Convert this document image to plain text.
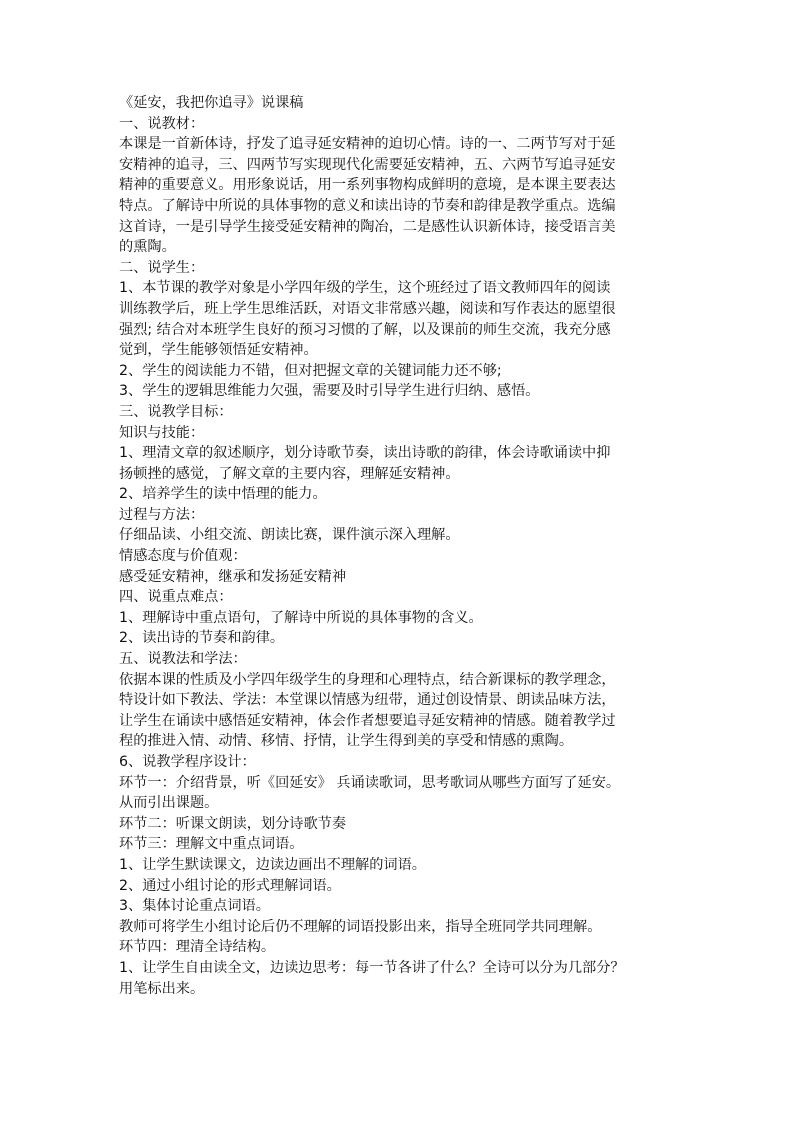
《延安，我把你追寻》说课稿

一、说教材：

本课是一首新体诗，抒发了追寻延安精神的迫切心情。诗的一、二两节写对于延

安精神的追寻，三、四两节写实现现代化需要延安精神，五、六两节写追寻延安

精神的重要意义。用形象说话，用一系列事物构成鲜明的意境，是本课主要表达

特点。了解诗中所说的具体事物的意义和读出诗的节奏和韵律是教学重点。选编

这首诗，一是引导学生接受延安精神的陶冶，二是感性认识新体诗，接受语言美

的熏陶。

二、说学生：

1、本节课的教学对象是小学四年级的学生，这个班经过了语文教师四年的阅读

训练教学后，班上学生思维活跃，对语文非常感兴趣，阅读和写作表达的愿望很

强烈; 结合对本班学生良好的预习习惯的了解，以及课前的师生交流，我充分感

觉到，学生能够领悟延安精神。

2、学生的阅读能力不错，但对把握文章的关键词能力还不够;

3、学生的逻辑思维能力欠强，需要及时引导学生进行归纳、感悟。

三、说教学目标：

知识与技能：

1、理清文章的叙述顺序，划分诗歌节奏，读出诗歌的韵律，体会诗歌诵读中抑

扬顿挫的感觉，了解文章的主要内容，理解延安精神。

2、培养学生的读中悟理的能力。

过程与方法：

仔细品读、小组交流、朗读比赛，课件演示深入理解。

情感态度与价值观：

感受延安精神，继承和发扬延安精神

四、说重点难点：

1、理解诗中重点语句，了解诗中所说的具体事物的含义。

2、读出诗的节奏和韵律。

五、说教法和学法：

依据本课的性质及小学四年级学生的身理和心理特点，结合新课标的教学理念，

特设计如下教法、学法：本堂课以情感为纽带，通过创设情景、朗读品味方法，

让学生在诵读中感悟延安精神，体会作者想要追寻延安精神的情感。随着教学过

程的推进入情、动情、移情、抒情，让学生得到美的享受和情感的熏陶。

6、说教学程序设计：

环节一：介绍背景，听《回延安》 兵诵读歌词，思考歌词从哪些方面写了延安。

从而引出课题。

环节二：听课文朗读，划分诗歌节奏

环节三：理解文中重点词语。

1、让学生默读课文，边读边画出不理解的词语。

2、通过小组讨论的形式理解词语。

3、集体讨论重点词语。

教师可将学生小组讨论后仍不理解的词语投影出来，指导全班同学共同理解。

环节四：理清全诗结构。

1、让学生自由读全文，边读边思考：每一节各讲了什么？全诗可以分为几部分？

用笔标出来。
